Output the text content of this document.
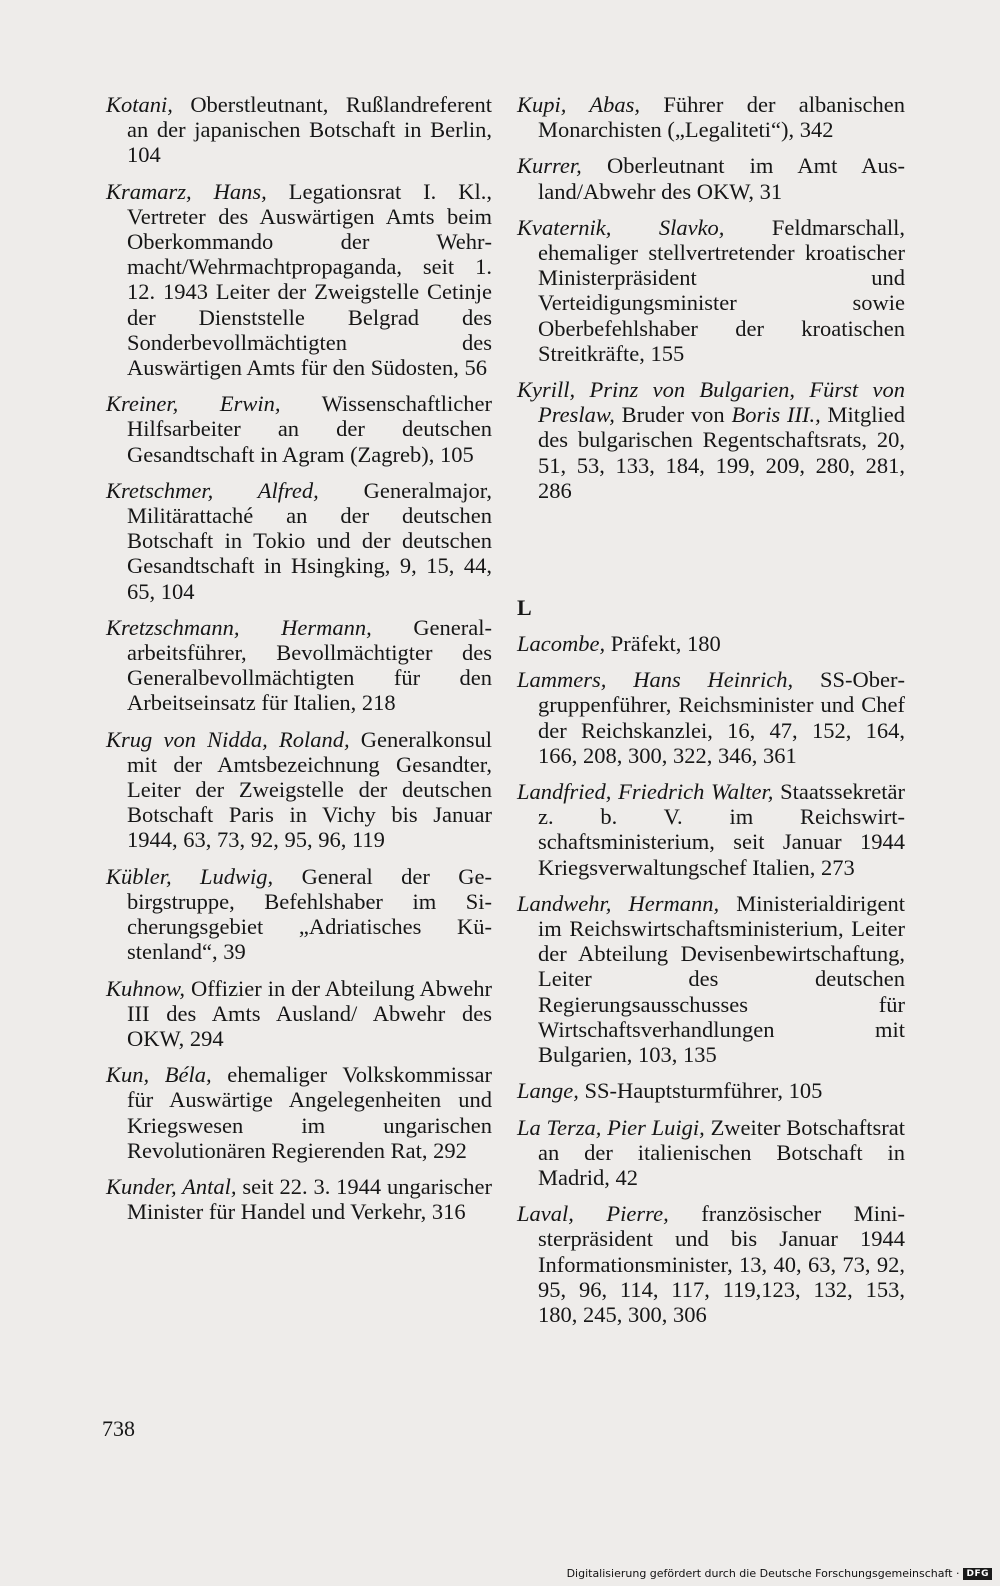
Kotani, Oberstleutnant, Rußlandreferent an der japanischen Botschaft in Berlin, 104

Kramarz, Hans, Legationsrat I. Kl., Vertreter des Auswärtigen Amts beim Oberkommando der Wehrmacht/Wehrmachtpropaganda, seit 1. 12. 1943 Leiter der Zweigstelle Cetinje der Dienststelle Belgrad des Sonderbevollmächtigten des Auswärtigen Amts für den Südosten, 56

Kreiner, Erwin, Wissenschaftlicher Hilfsarbeiter an der deutschen Gesandtschaft in Agram (Zagreb), 105

Kretschmer, Alfred, Generalmajor, Militärattaché an der deutschen Botschaft in Tokio und der deutschen Gesandtschaft in Hsingking, 9, 15, 44, 65, 104

Kretzschmann, Hermann, Generalarbeitsführer, Bevollmächtigter des Generalbevollmächtigten für den Arbeitseinsatz für Italien, 218

Krug von Nidda, Roland, Generalkonsul mit der Amtsbezeichnung Gesandter, Leiter der Zweigstelle der deutschen Botschaft Paris in Vichy bis Januar 1944, 63, 73, 92, 95, 96, 119

Kübler, Ludwig, General der Gebirgstruppe, Befehlshaber im Sicherungsgebiet „Adriatisches Küstenland“, 39

Kuhnow, Offizier in der Abteilung Abwehr III des Amts Ausland/ Abwehr des OKW, 294

Kun, Béla, ehemaliger Volkskommissar für Auswärtige Angelegenheiten und Kriegswesen im ungarischen Revolutionären Regierenden Rat, 292

Kunder, Antal, seit 22. 3. 1944 ungarischer Minister für Handel und Verkehr, 316

Kupi, Abas, Führer der albanischen Monarchisten („Legaliteti“), 342

Kurrer, Oberleutnant im Amt Ausland/Abwehr des OKW, 31

Kvaternik, Slavko, Feldmarschall, ehemaliger stellvertretender kroatischer Ministerpräsident und Verteidigungsminister sowie Oberbefehlshaber der kroatischen Streitkräfte, 155

Kyrill, Prinz von Bulgarien, Fürst von Preslaw, Bruder von Boris III., Mitglied des bulgarischen Regentschaftsrats, 20, 51, 53, 133, 184, 199, 209, 280, 281, 286

L

Lacombe, Präfekt, 180

Lammers, Hans Heinrich, SS-Obergruppenführer, Reichsminister und Chef der Reichskanzlei, 16, 47, 152, 164, 166, 208, 300, 322, 346, 361

Landfried, Friedrich Walter, Staatssekretär z. b. V. im Reichswirtschaftsministerium, seit Januar 1944 Kriegsverwaltungschef Italien, 273

Landwehr, Hermann, Ministerialdirigent im Reichswirtschaftsministerium, Leiter der Abteilung Devisenbewirtschaftung, Leiter des deutschen Regierungsausschusses für Wirtschaftsverhandlungen mit Bulgarien, 103, 135

Lange, SS-Hauptsturmführer, 105

La Terza, Pier Luigi, Zweiter Botschaftsrat an der italienischen Botschaft in Madrid, 42

Laval, Pierre, französischer Ministerpräsident und bis Januar 1944 Informationsminister, 13, 40, 63, 73, 92, 95, 96, 114, 117, 119,123, 132, 153, 180, 245, 300, 306

738
Digitalisierung gefördert durch die Deutsche Forschungsgemeinschaft · DFG
